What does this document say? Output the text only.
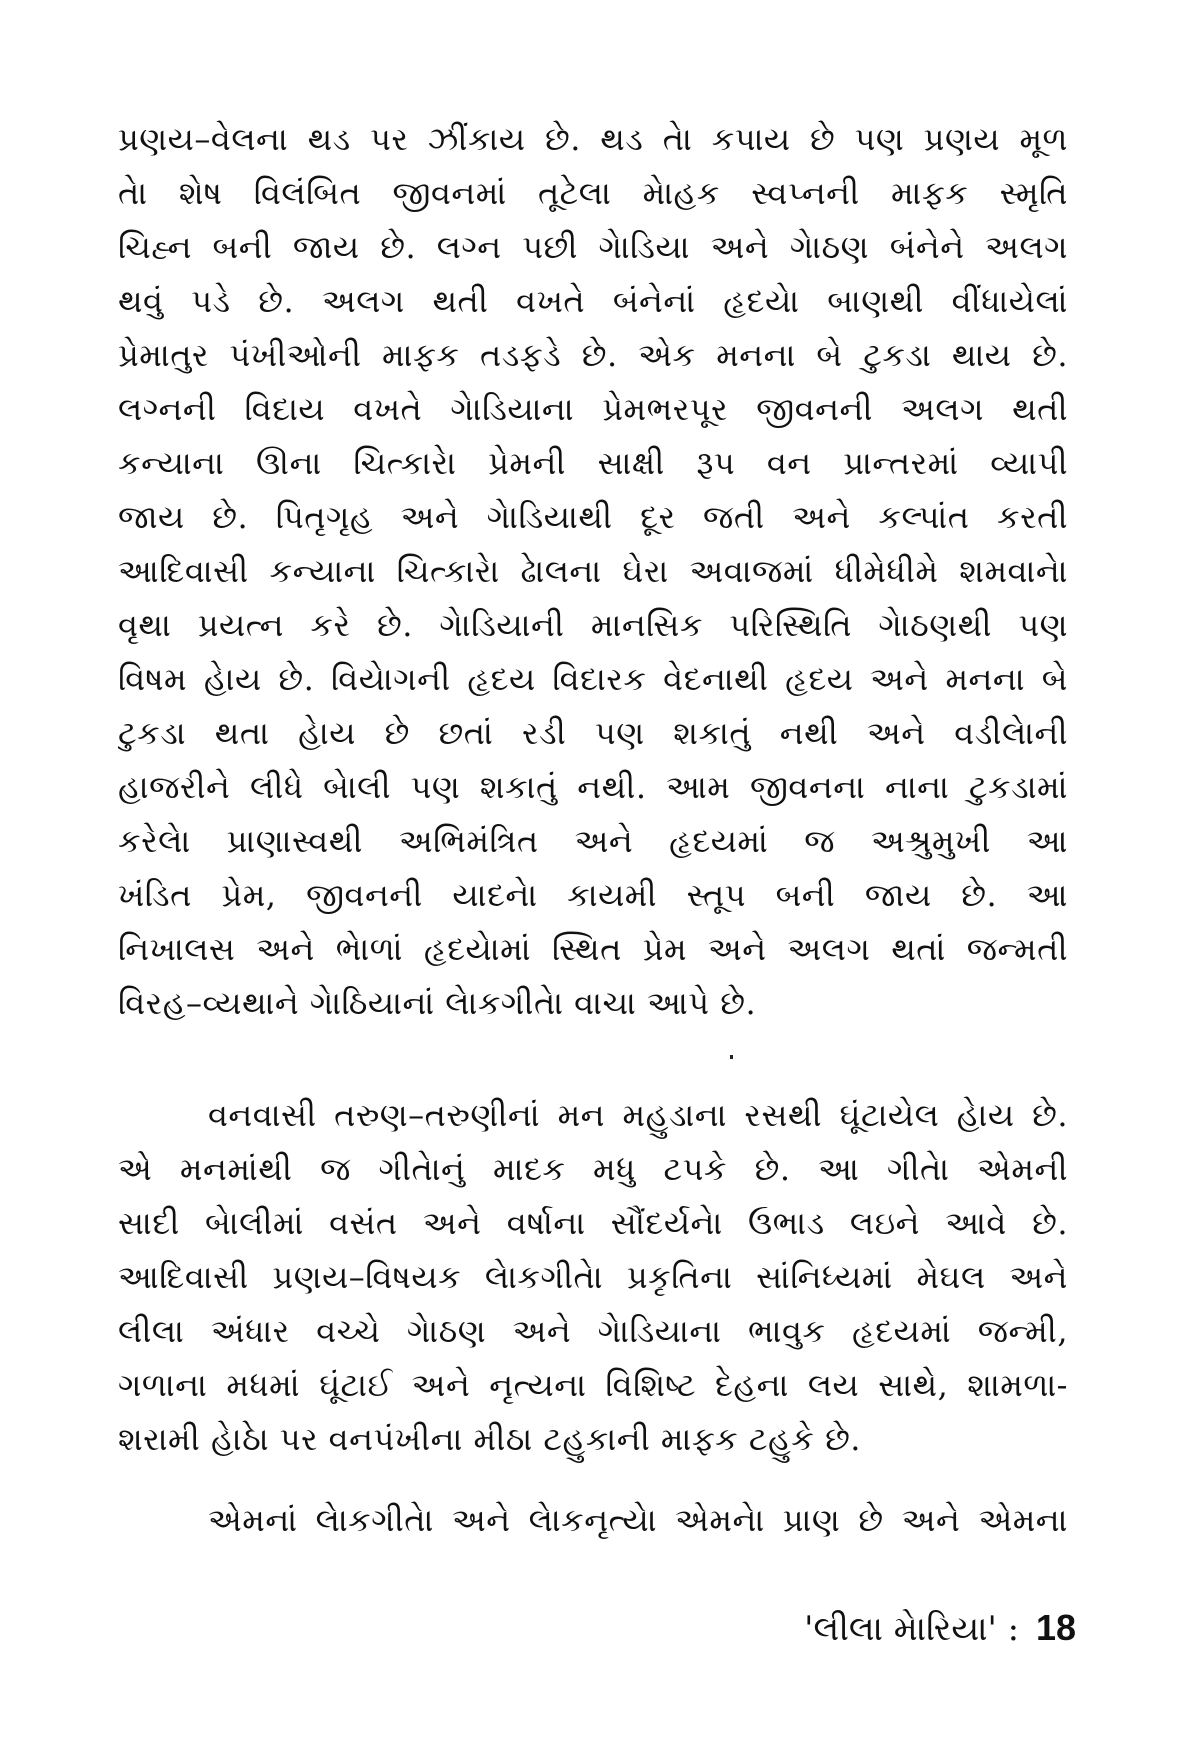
પ્રણય–વેલના થડ પર ઝીંકાય છે. થડ તેા કપાય છે પણ પ્રણય મૂળ
તેા શેષ વિલંબિત જીવનમાં તૂટેલા મેાહક સ્વપ્નની માફક સ્મૃતિ
ચિહ્ન બની જાય છે. લગ્ન પછી ગેાડિયા અને ગેાઠણ બંનેને અલગ
થવું પડે છે. અલગ થતી વખતે બંનેનાં હૃદયેા બાણથી વીંધાયેલાં
પ્રેમાતુર પંખીઓની માફક તડફડે છે. એક મનના બે ટુકડા થાય છે.
લગ્નની વિદાય વખતે ગેાડિયાના પ્રેમભરપૂર જીવનની અલગ થતી
કન્યાના ઊના ચિત્કારેા પ્રેમની સાક્ષી રૂપ વન પ્રાન્તરમાં વ્યાપી
જાય છે. પિતૃગૃહ અને ગેાડિયાથી દૂર જતી અને કલ્પાંત કરતી
આદિવાસી કન્યાના ચિત્કારેા ઢેાલના ઘેરા અવાજમાં ધીમેધીમે શમવાનેા
વૃથા પ્રયત્ન કરે છે. ગેાડિયાની માનસિક પરિસ્થિતિ ગેાઠણથી પણ
વિષમ હેાય છે. વિયેાગની હૃદય વિદારક વેદનાથી હૃદય અને મનના બે
ટુકડા થતા હેાય છે છતાં રડી પણ શકાતું નથી અને વડીલેાની
હાજરીને લીધે બેાલી પણ શકાતું નથી. આમ જીવનના નાના ટુકડામાં
કરેલેા પ્રાણાસ્વથી અભિમંત્રિત અને હૃદયમાં જ અશ્રુમુખી આ
ખંડિત પ્રેમ, જીવનની યાદનેા કાયમી સ્તૂપ બની જાય છે. આ
નિખાલસ અને ભેાળાં હૃદયેામાં સ્થિત પ્રેમ અને અલગ થતાં જન્મતી
વિરહ–વ્યથાને ગેાઠિયાનાં લેાકગીતેા વાચા આપે છે.
વનવાસી તરુણ–તરુણીનાં મન મહુડાના રસથી ઘૂંટાયેલ હેાય છે.
એ મનમાંથી જ ગીતેાનું માદક મધુ ટપકે છે. આ ગીતેા એમની
સાદી બેાલીમાં વસંત અને વર્ષાના સૌંદર્યનેા ઉભાડ લઇને આવે છે.
આદિવાસી પ્રણય–વિષયક લેાકગીતેા પ્રકૃતિના સાંનિધ્યમાં મેઘલ અને
લીલા અંધાર વચ્ચે ગેાઠણ અને ગેાડિયાના ભાવુક હૃદયમાં જન્મી,
ગળાના મધમાં ઘૂંટાઈ અને નૃત્યના વિશિષ્ટ દેહના લય સાથે, શામળા-
શરામી હેાઠેા પર વનપંખીના મીઠા ટહુકાની માફક ટહુકે છે.
એમનાં લેાકગીતેા અને લેાકનૃત્યેા એમનેા પ્રાણ છે અને એમના
'લીલા મેારિયા' : 18
